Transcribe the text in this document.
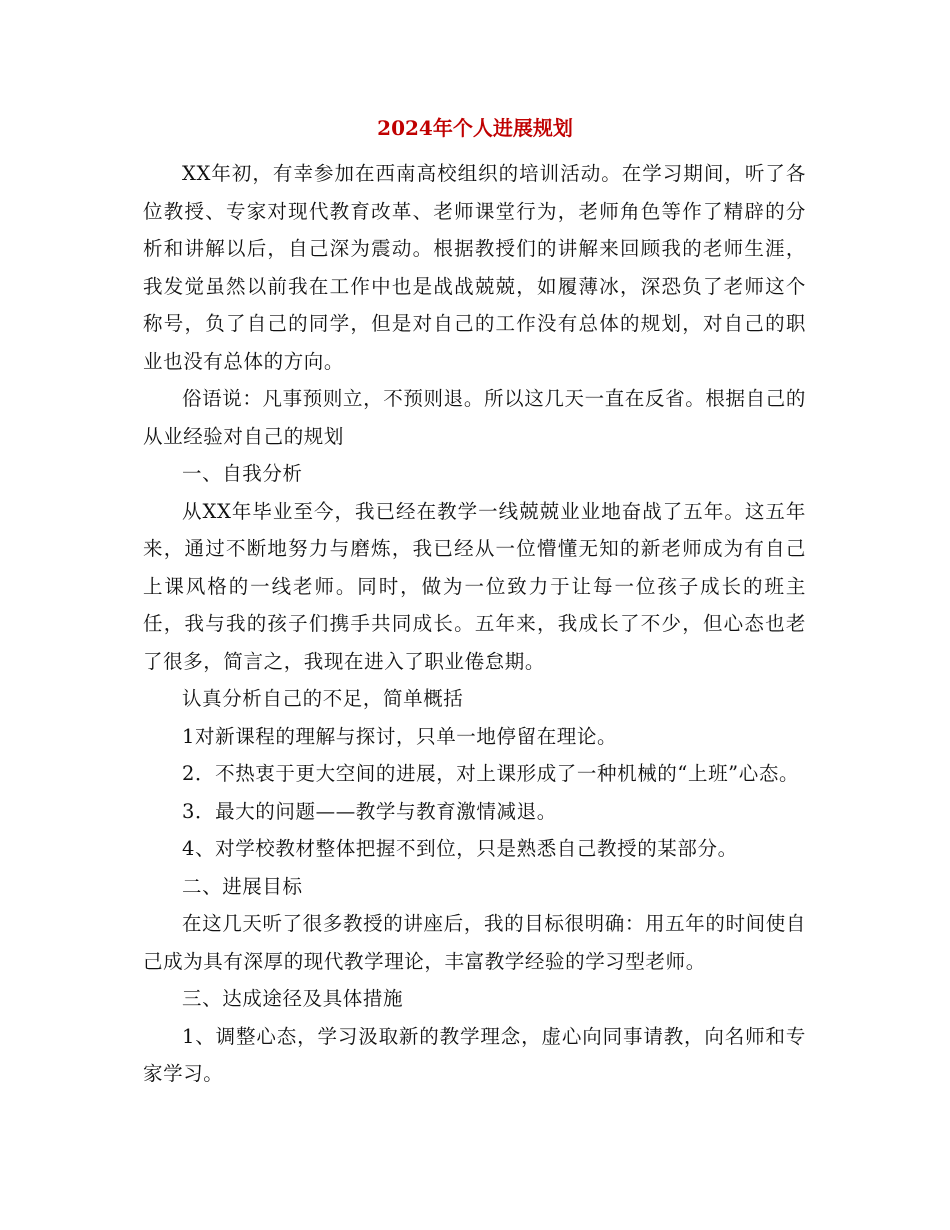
2024年个人进展规划

XX年初，有幸参加在西南高校组织的培训活动。在学习期间，听了各位教授、专家对现代教育改革、老师课堂行为，老师角色等作了精辟的分析和讲解以后，自己深为震动。根据教授们的讲解来回顾我的老师生涯，我发觉虽然以前我在工作中也是战战兢兢，如履薄冰，深恐负了老师这个称号，负了自己的同学，但是对自己的工作没有总体的规划，对自己的职业也没有总体的方向。

俗语说：凡事预则立，不预则退。所以这几天一直在反省。根据自己的从业经验对自己的规划

一、自我分析

从XX年毕业至今，我已经在教学一线兢兢业业地奋战了五年。这五年来，通过不断地努力与磨炼，我已经从一位懵懂无知的新老师成为有自己上课风格的一线老师。同时，做为一位致力于让每一位孩子成长的班主任，我与我的孩子们携手共同成长。五年来，我成长了不少，但心态也老了很多，简言之，我现在进入了职业倦怠期。

认真分析自己的不足，简单概括

1对新课程的理解与探讨，只单一地停留在理论。

2．不热衷于更大空间的进展，对上课形成了一种机械的“上班”心态。

3．最大的问题——教学与教育激情减退。

4、对学校教材整体把握不到位，只是熟悉自己教授的某部分。

二、进展目标

在这几天听了很多教授的讲座后，我的目标很明确：用五年的时间使自己成为具有深厚的现代教学理论，丰富教学经验的学习型老师。

三、达成途径及具体措施

1、调整心态，学习汲取新的教学理念，虚心向同事请教，向名师和专家学习。
